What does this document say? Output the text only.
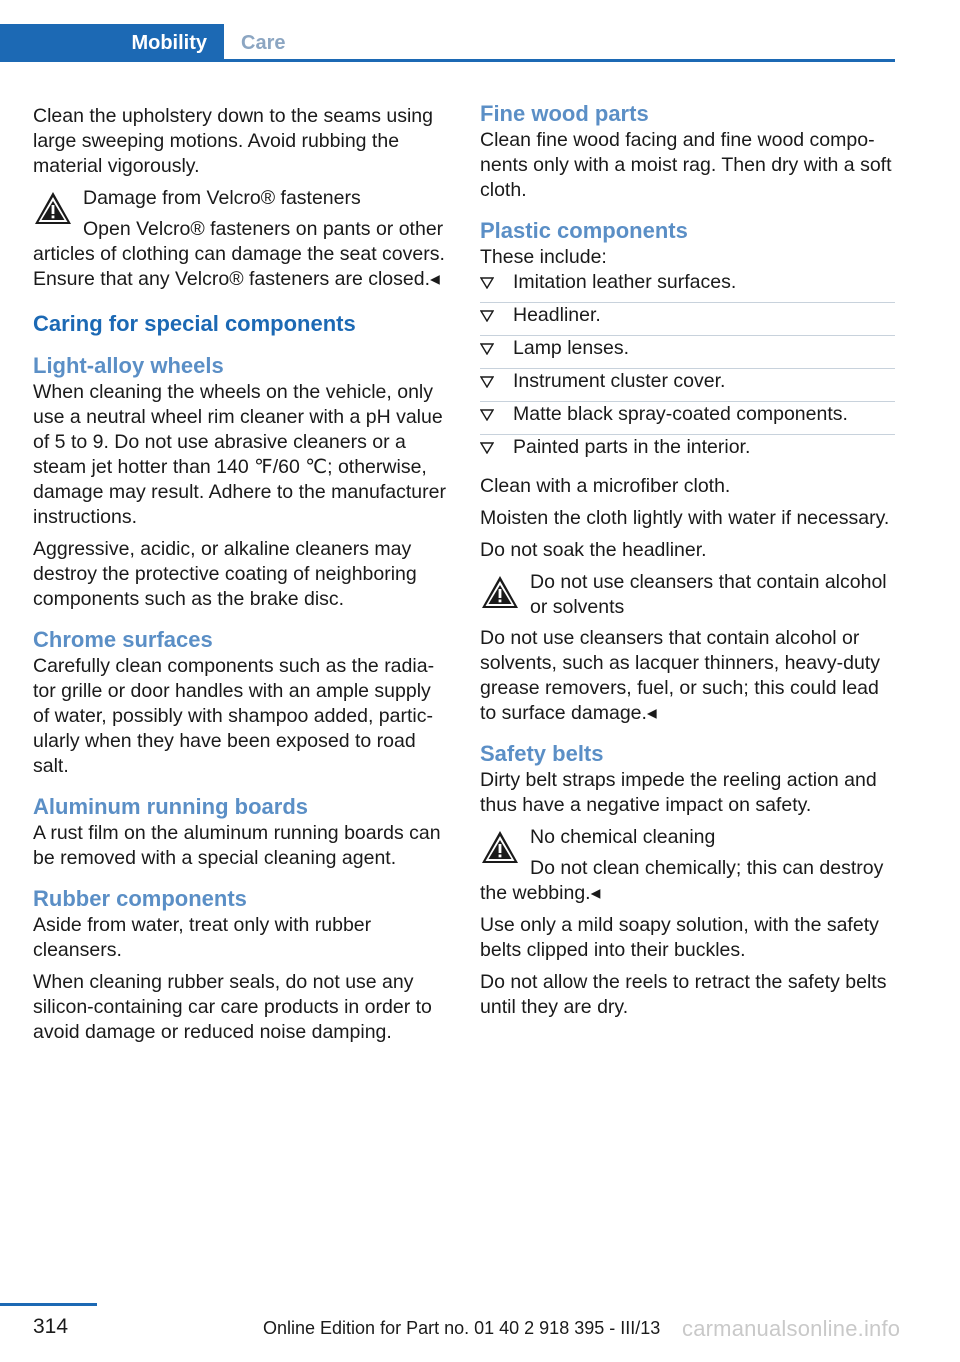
Mobility	Care

Clean the upholstery down to the seams using large sweeping motions. Avoid rubbing the material vigorously.

Damage from Velcro® fasteners

Open Velcro® fasteners on pants or other articles of clothing can damage the seat covers. Ensure that any Velcro® fasteners are closed.◂

Caring for special components
Light-alloy wheels

When cleaning the wheels on the vehicle, only use a neutral wheel rim cleaner with a pH value of 5 to 9. Do not use abrasive cleaners or a steam jet hotter than 140 ℉/60 ℃; otherwise, damage may result. Adhere to the manufacturer instructions.

Aggressive, acidic, or alkaline cleaners may destroy the protective coating of neighboring components such as the brake disc.

Chrome surfaces

Carefully clean components such as the radiator grille or door handles with an ample supply of water, possibly with shampoo added, particularly when they have been exposed to road salt.

Aluminum running boards

A rust film on the aluminum running boards can be removed with a special cleaning agent.

Rubber components

Aside from water, treat only with rubber cleansers.

When cleaning rubber seals, do not use any silicon-containing car care products in order to avoid damage or reduced noise damping.

Fine wood parts

Clean fine wood facing and fine wood components only with a moist rag. Then dry with a soft cloth.

Plastic components

These include:

Imitation leather surfaces.
Headliner.
Lamp lenses.
Instrument cluster cover.
Matte black spray-coated components.
Painted parts in the interior.

Clean with a microfiber cloth.

Moisten the cloth lightly with water if necessary.

Do not soak the headliner.

Do not use cleansers that contain alcohol or solvents

Do not use cleansers that contain alcohol or solvents, such as lacquer thinners, heavy-duty grease removers, fuel, or such; this could lead to surface damage.◂

Safety belts

Dirty belt straps impede the reeling action and thus have a negative impact on safety.

No chemical cleaning

Do not clean chemically; this can destroy the webbing.◂

Use only a mild soapy solution, with the safety belts clipped into their buckles.

Do not allow the reels to retract the safety belts until they are dry.

314	Online Edition for Part no. 01 40 2 918 395 - III/13 carmanualsonline.info
